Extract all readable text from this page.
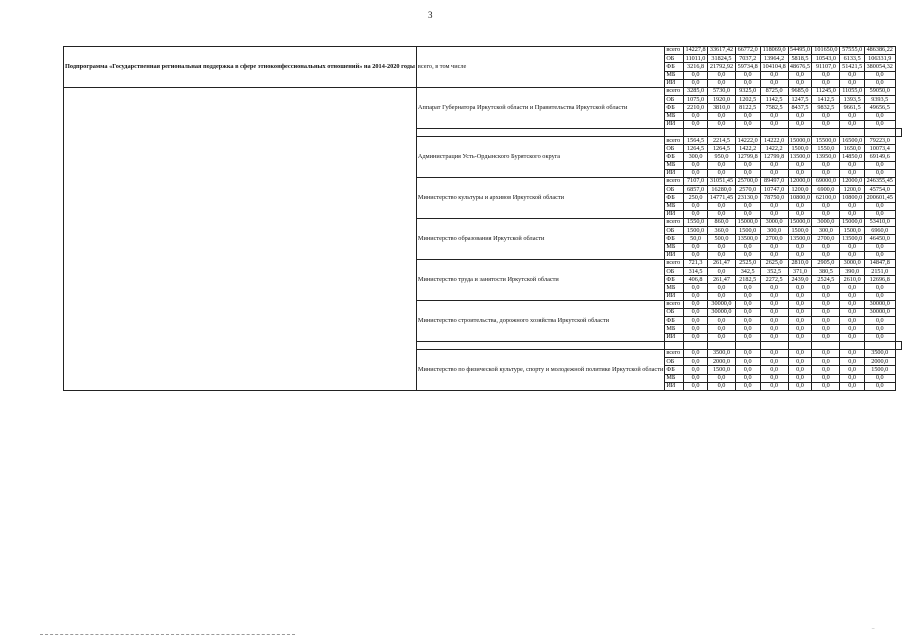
3
Подпрограмма «Государственная региональная поддержка в сфере этноконфессиональных отношений» на 2014-2020 годы	всего, в том числе	всего	14227,8	33617,42	66772,0	118069,0	54495,0	101650,0	57555,0	486386,22	
		ОБ	11011,0	31824,5	7037,2	13964,2	5818,5	10543,0	6133,5	106331,9	
		ФБ	3216,8	21792,92	59734,8	104104,8	48676,5	91107,0	51421,5	380054,32	
		МБ	0,0	0,0	0,0	0,0	0,0	0,0	0,0	0,0	
		ИИ	0,0	0,0	0,0	0,0	0,0	0,0	0,0	0,0	
	Аппарат Губернатора Иркутской области и Правительства Иркутской области	всего	3285,0	5730,0	9325,0	8725,0	9685,0	11245,0	11055,0	59050,0	
		ОБ	1075,0	1920,0	1202,5	1142,5	1247,5	1412,5	1393,5	9393,5	
		ФБ	2210,0	3810,0	8122,5	7582,5	8437,5	9832,5	9661,5	49656,5	
		МБ	0,0	0,0	0,0	0,0	0,0	0,0	0,0	0,0	
		ИИ	0,0	0,0	0,0	0,0	0,0	0,0	0,0	0,0	

	Администрация Усть-Ордынского Бурятского округа	всего	1564,5	2214,5	14222,0	14222,0	15000,0	15500,0	16500,0	79223,0	
		ОБ	1264,5	1264,5	1422,2	1422,2	1500,0	1550,0	1650,0	10073,4	
		ФБ	300,0	950,0	12799,8	12799,8	13500,0	13950,0	14850,0	69149,6	
		МБ	0,0	0,0	0,0	0,0	0,0	0,0	0,0	0,0	
		ИИ	0,0	0,0	0,0	0,0	0,0	0,0	0,0	0,0	
	Министерство культуры и архивов Иркутской области	всего	7107,0	31051,45	25700,0	89497,0	12000,0	69000,0	12000,0	246355,45	
		ОБ	6857,0	16280,0	2570,0	10747,0	1200,0	6900,0	1200,0	45754,0	
		ФБ	250,0	14771,45	23130,0	78750,0	10800,0	62100,0	10800,0	200601,45	
		МБ	0,0	0,0	0,0	0,0	0,0	0,0	0,0	0,0	
		ИИ	0,0	0,0	0,0	0,0	0,0	0,0	0,0	0,0	
	Министерство образования Иркутской области	всего	1550,0	860,0	15000,0	3000,0	15000,0	3000,0	15000,0	53410,0	
		ОБ	1500,0	360,0	1500,0	300,0	1500,0	300,0	1500,0	6960,0	
		ФБ	50,0	500,0	13500,0	2700,0	13500,0	2700,0	13500,0	46450,0	
		МБ	0,0	0,0	0,0	0,0	0,0	0,0	0,0	0,0	
		ИИ	0,0	0,0	0,0	0,0	0,0	0,0	0,0	0,0	
	Министерство труда и занятости Иркутской области	всего	721,3	261,47	2525,0	2625,0	2810,0	2905,0	3000,0	14847,8	
		ОБ	314,5	0,0	342,5	352,5	371,0	380,5	390,0	2151,0	
		ФБ	406,8	261,47	2182,5	2272,5	2439,0	2524,5	2610,0	12696,8	
		МБ	0,0	0,0	0,0	0,0	0,0	0,0	0,0	0,0	
		ИИ	0,0	0,0	0,0	0,0	0,0	0,0	0,0	0,0	
	Министерство строительства, дорожного хозяйства Иркутской области	всего	0,0	30000,0	0,0	0,0	0,0	0,0	0,0	30000,0	
		ОБ	0,0	30000,0	0,0	0,0	0,0	0,0	0,0	30000,0	
		ФБ	0,0	0,0	0,0	0,0	0,0	0,0	0,0	0,0	
		МБ	0,0	0,0	0,0	0,0	0,0	0,0	0,0	0,0	
		ИИ	0,0	0,0	0,0	0,0	0,0	0,0	0,0	0,0	

	Министерство по физической культуре, спорту и молодежной политике Иркутской области	всего	0,0	3500,0	0,0	0,0	0,0	0,0	0,0	3500,0	
		ОБ	0,0	2000,0	0,0	0,0	0,0	0,0	0,0	2000,0	
		ФБ	0,0	1500,0	0,0	0,0	0,0	0,0	0,0	1500,0	
		МБ	0,0	0,0	0,0	0,0	0,0	0,0	0,0	0,0	
		ИИ	0,0	0,0	0,0	0,0	0,0	0,0	0,0	0,0	
‾
